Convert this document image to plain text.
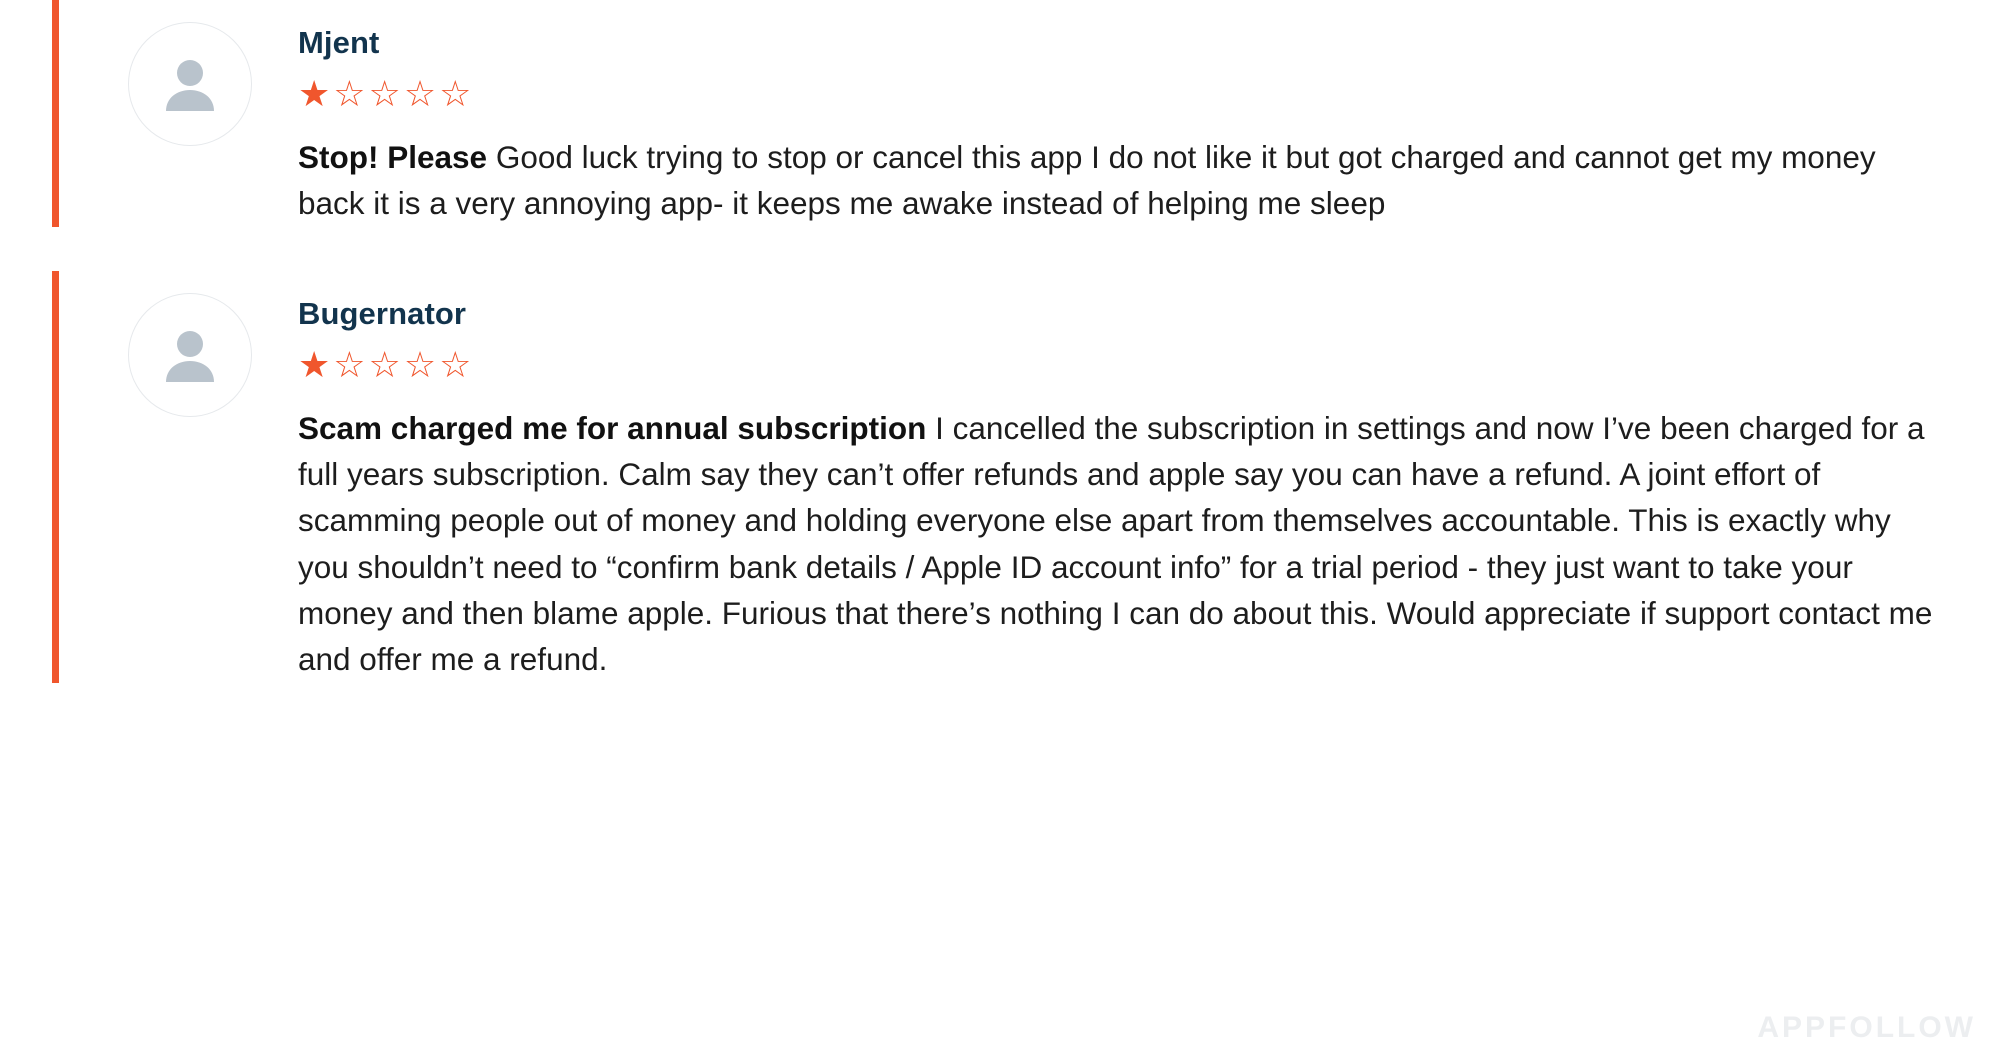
Mjent
★☆☆☆☆
Stop! Please Good luck trying to stop or cancel this app I do not like it but got charged and cannot get my money back it is a very annoying app- it keeps me awake instead of helping me sleep
Bugernator
★☆☆☆☆
Scam charged me for annual subscription I cancelled the subscription in settings and now I’ve been charged for a full years subscription. Calm say they can’t offer refunds and apple say you can have a refund. A joint effort of scamming people out of money and holding everyone else apart from themselves accountable. This is exactly why you shouldn’t need to “confirm bank details / Apple ID account info” for a trial period - they just want to take your money and then blame apple. Furious that there’s nothing I can do about this. Would appreciate if support contact me and offer me a refund.
APPFOLLOW
